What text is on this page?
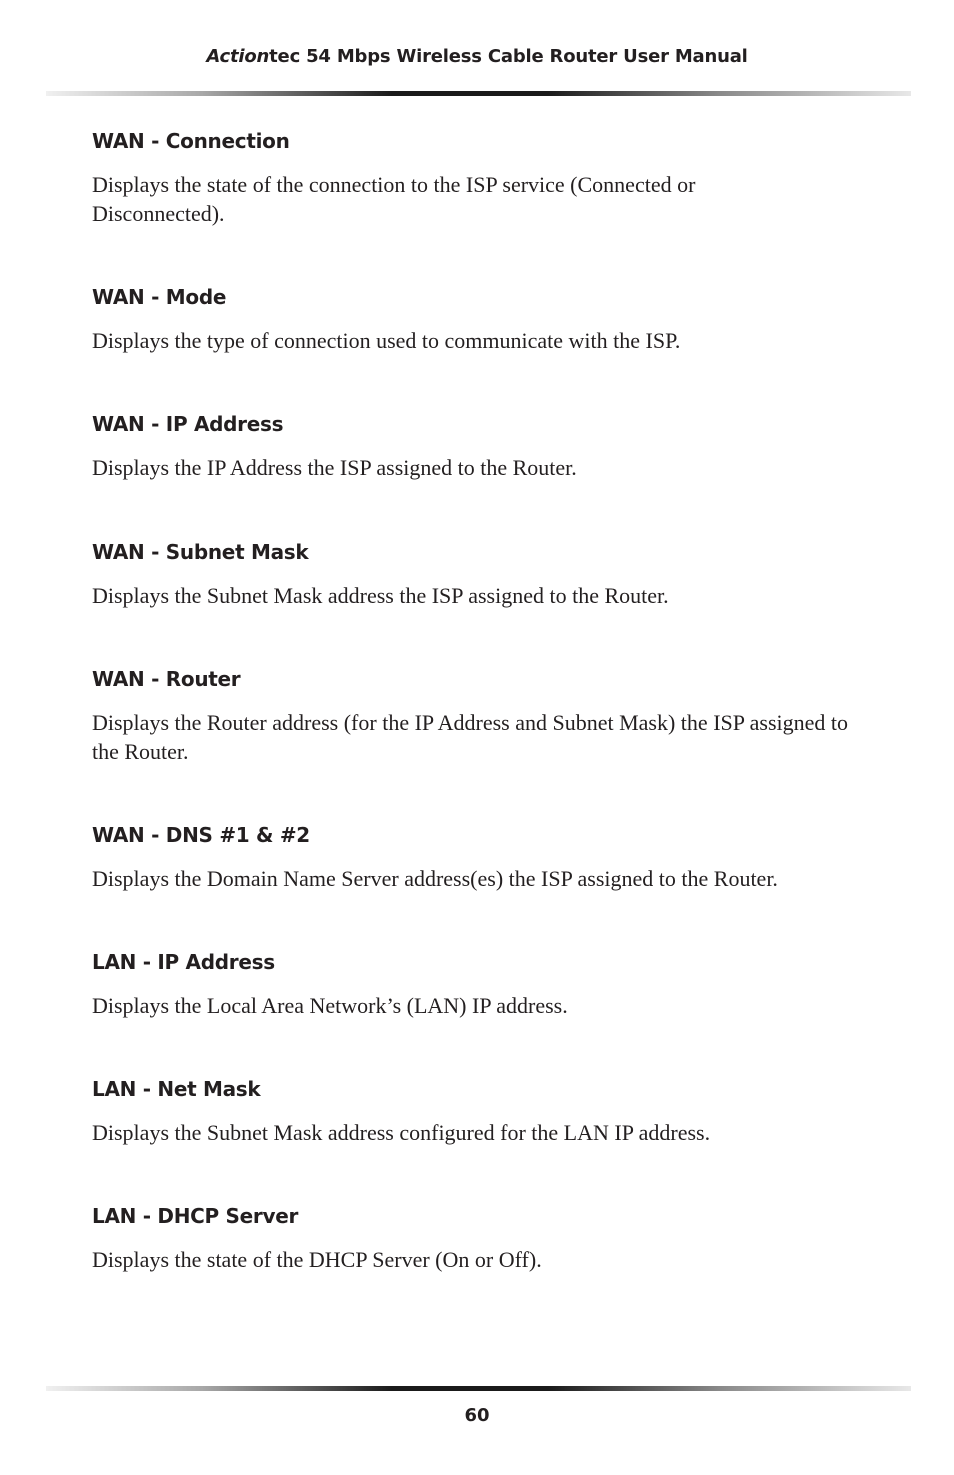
Actiontec 54 Mbps Wireless Cable Router User Manual
WAN - Connection

Displays the state of the connection to the ISP service (Connected or Disconnected).

WAN - Mode

Displays the type of connection used to communicate with the ISP.

WAN - IP Address

Displays the IP Address the ISP assigned to the Router.

WAN - Subnet Mask

Displays the Subnet Mask address the ISP assigned to the Router.

WAN - Router

Displays the Router address (for the IP Address and Subnet Mask) the ISP assigned to the Router.

WAN - DNS #1 & #2

Displays the Domain Name Server address(es) the ISP assigned to the Router.

LAN - IP Address

Displays the Local Area Network’s (LAN) IP address.

LAN - Net Mask

Displays the Subnet Mask address configured for the LAN IP address.

LAN - DHCP Server

Displays the state of the DHCP Server (On or Off).

60
